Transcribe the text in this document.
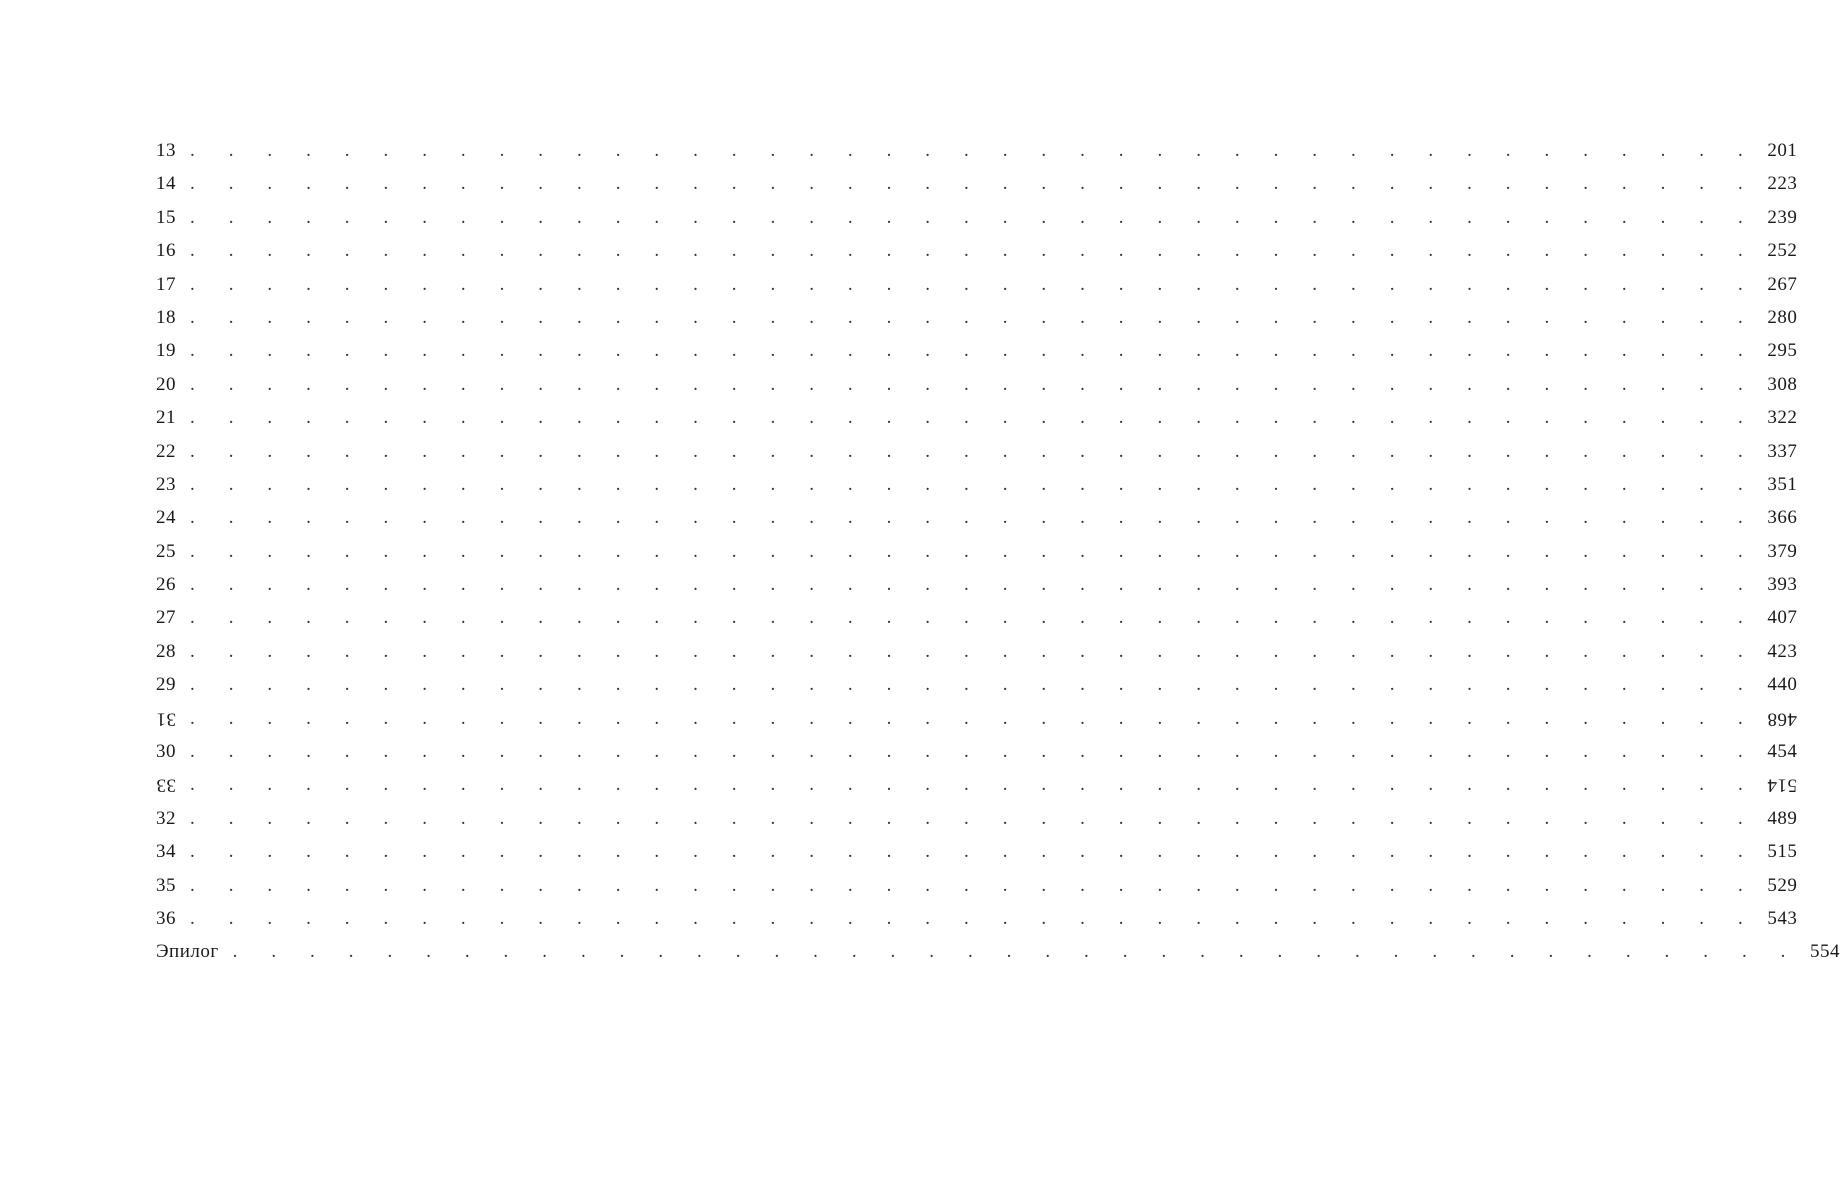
13 . . . . . . . . . . . . . . . . . . . . . . . . . . . . . . . . . . . . . . . . . 201
14 . . . . . . . . . . . . . . . . . . . . . . . . . . . . . . . . . . . . . . . . . 223
15 . . . . . . . . . . . . . . . . . . . . . . . . . . . . . . . . . . . . . . . . . 239
16 . . . . . . . . . . . . . . . . . . . . . . . . . . . . . . . . . . . . . . . . . 252
17 . . . . . . . . . . . . . . . . . . . . . . . . . . . . . . . . . . . . . . . . . 267
18 . . . . . . . . . . . . . . . . . . . . . . . . . . . . . . . . . . . . . . . . . 280
19 . . . . . . . . . . . . . . . . . . . . . . . . . . . . . . . . . . . . . . . . . 295
20 . . . . . . . . . . . . . . . . . . . . . . . . . . . . . . . . . . . . . . . . . 308
21 . . . . . . . . . . . . . . . . . . . . . . . . . . . . . . . . . . . . . . . . . 322
22 . . . . . . . . . . . . . . . . . . . . . . . . . . . . . . . . . . . . . . . . . 337
23 . . . . . . . . . . . . . . . . . . . . . . . . . . . . . . . . . . . . . . . . . 351
24 . . . . . . . . . . . . . . . . . . . . . . . . . . . . . . . . . . . . . . . . . 366
25 . . . . . . . . . . . . . . . . . . . . . . . . . . . . . . . . . . . . . . . . . 379
26 . . . . . . . . . . . . . . . . . . . . . . . . . . . . . . . . . . . . . . . . . 393
27 . . . . . . . . . . . . . . . . . . . . . . . . . . . . . . . . . . . . . . . . . 407
28 . . . . . . . . . . . . . . . . . . . . . . . . . . . . . . . . . . . . . . . . . 423
29 . . . . . . . . . . . . . . . . . . . . . . . . . . . . . . . . . . . . . . . . . 440
31 . . . . . . . . . . . . . . . . . . . . . . . . . . . . . . . . . . . . . . . . . 468
30 . . . . . . . . . . . . . . . . . . . . . . . . . . . . . . . . . . . . . . . . . 454
33 . . . . . . . . . . . . . . . . . . . . . . . . . . . . . . . . . . . . . . . . . 514
32 . . . . . . . . . . . . . . . . . . . . . . . . . . . . . . . . . . . . . . . . . 489
34 . . . . . . . . . . . . . . . . . . . . . . . . . . . . . . . . . . . . . . . . . 515
35 . . . . . . . . . . . . . . . . . . . . . . . . . . . . . . . . . . . . . . . . . 529
36 . . . . . . . . . . . . . . . . . . . . . . . . . . . . . . . . . . . . . . . . . 543
Эпилог . . . . . . . . . . . . . . . . . . . . . . . . . . . . . . . . . . . . . . . . . 554
